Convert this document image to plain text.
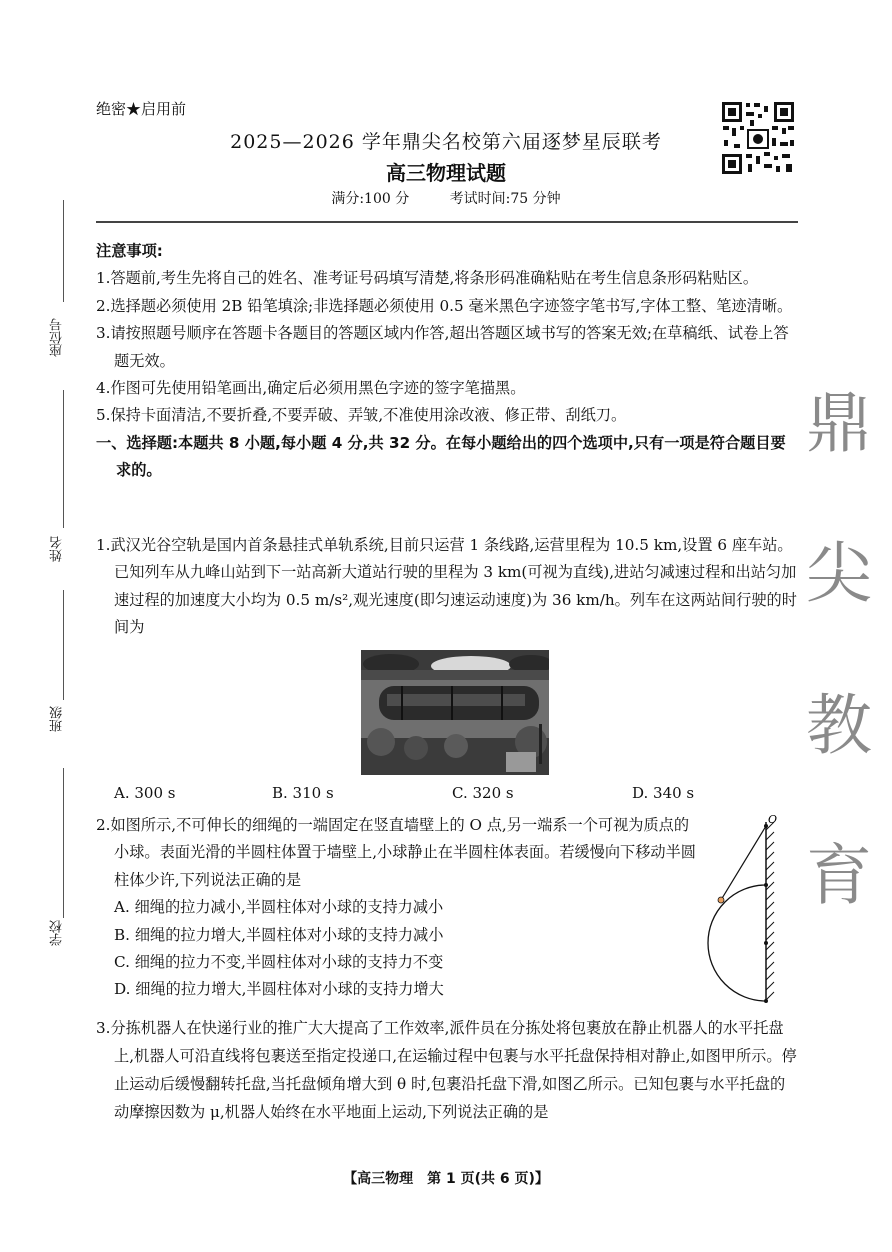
绝密★启用前
2025—2026 学年鼎尖名校第六届逐梦星辰联考
高三物理试题
满分:100 分	考试时间:75 分钟
座位号
姓名
班级
学校
鼎
尖
教
育

注意事项:

1.答题前,考生先将自己的姓名、准考证号码填写清楚,将条形码准确粘贴在考生信息条形码粘贴区。

2.选择题必须使用 2B 铅笔填涂;非选择题必须使用 0.5 毫米黑色字迹签字笔书写,字体工整、笔迹清晰。

3.请按照题号顺序在答题卡各题目的答题区域内作答,超出答题区域书写的答案无效;在草稿纸、试卷上答题无效。

4.作图可先使用铅笔画出,确定后必须用黑色字迹的签字笔描黑。

5.保持卡面清洁,不要折叠,不要弄破、弄皱,不准使用涂改液、修正带、刮纸刀。

一、选择题:本题共 8 小题,每小题 4 分,共 32 分。在每小题给出的四个选项中,只有一项是符合题目要求的。

1.武汉光谷空轨是国内首条悬挂式单轨系统,目前只运营 1 条线路,运营里程为 10.5 km,设置 6 座车站。已知列车从九峰山站到下一站高新大道站行驶的里程为 3 km(可视为直线),进站匀减速过程和出站匀加速过程的加速度大小均为 0.5 m/s²,观光速度(即匀速运动速度)为 36 km/h。列车在这两站间行驶的时间为

A. 300 s	B. 310 s	C. 320 s	D. 340 s

2.如图所示,不可伸长的细绳的一端固定在竖直墙壁上的 O 点,另一端系一个可视为质点的小球。表面光滑的半圆柱体置于墙壁上,小球静止在半圆柱体表面。若缓慢向下移动半圆柱体少许,下列说法正确的是

A. 细绳的拉力减小,半圆柱体对小球的支持力减小

B. 细绳的拉力增大,半圆柱体对小球的支持力减小

C. 细绳的拉力不变,半圆柱体对小球的支持力不变

D. 细绳的拉力增大,半圆柱体对小球的支持力增大

O

3.分拣机器人在快递行业的推广大大提高了工作效率,派件员在分拣处将包裹放在静止机器人的水平托盘上,机器人可沿直线将包裹送至指定投递口,在运输过程中包裹与水平托盘保持相对静止,如图甲所示。停止运动后缓慢翻转托盘,当托盘倾角增大到 θ 时,包裹沿托盘下滑,如图乙所示。已知包裹与水平托盘的动摩擦因数为 μ,机器人始终在水平地面上运动,下列说法正确的是

【高三物理　第 1 页(共 6 页)】
